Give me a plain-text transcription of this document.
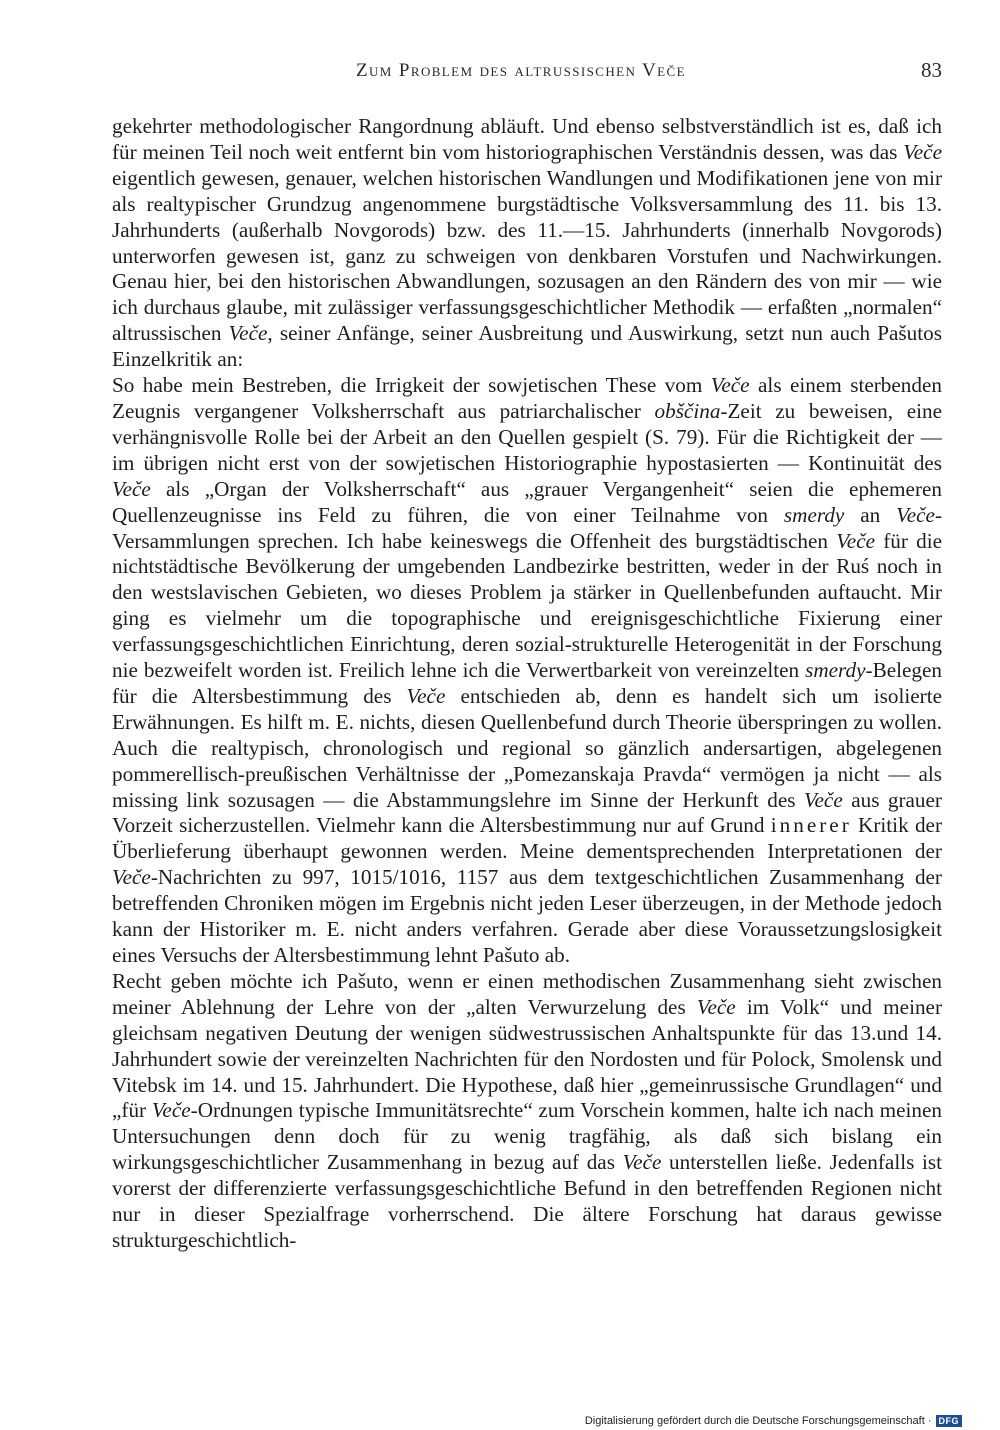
Zum Problem des altrussischen Veče	83

gekehrter methodologischer Rangordnung abläuft. Und ebenso selbstverständlich ist es, daß ich für meinen Teil noch weit entfernt bin vom historiographischen Verständnis dessen, was das Veče eigentlich gewesen, genauer, welchen historischen Wandlungen und Modifikationen jene von mir als realtypischer Grundzug angenommene burgstädtische Volksversammlung des 11. bis 13. Jahrhunderts (außerhalb Novgorods) bzw. des 11.—15. Jahrhunderts (innerhalb Novgorods) unterworfen gewesen ist, ganz zu schweigen von denkbaren Vorstufen und Nachwirkungen. Genau hier, bei den historischen Abwandlungen, sozusagen an den Rändern des von mir — wie ich durchaus glaube, mit zulässiger verfassungsgeschichtlicher Methodik — erfaßten „normalen“ altrussischen Veče, seiner Anfänge, seiner Ausbreitung und Auswirkung, setzt nun auch Pašutos Einzelkritik an:

So habe mein Bestreben, die Irrigkeit der sowjetischen These vom Veče als einem sterbenden Zeugnis vergangener Volksherrschaft aus patriarchalischer obščina-Zeit zu beweisen, eine verhängnisvolle Rolle bei der Arbeit an den Quellen gespielt (S. 79). Für die Richtigkeit der — im übrigen nicht erst von der sowjetischen Historiographie hypostasierten — Kontinuität des Veče als „Organ der Volksherrschaft“ aus „grauer Vergangenheit“ seien die ephemeren Quellenzeugnisse ins Feld zu führen, die von einer Teilnahme von smerdy an Veče-Versammlungen sprechen. Ich habe keineswegs die Offenheit des burgstädtischen Veče für die nichtstädtische Bevölkerung der umgebenden Landbezirke bestritten, weder in der Ruś noch in den westslavischen Gebieten, wo dieses Problem ja stärker in Quellenbefunden auftaucht. Mir ging es vielmehr um die topographische und ereignisgeschichtliche Fixierung einer verfassungsgeschichtlichen Einrichtung, deren sozial-strukturelle Heterogenität in der Forschung nie bezweifelt worden ist. Freilich lehne ich die Verwertbarkeit von vereinzelten smerdy-Belegen für die Altersbestimmung des Veče entschieden ab, denn es handelt sich um isolierte Erwähnungen. Es hilft m. E. nichts, diesen Quellenbefund durch Theorie überspringen zu wollen. Auch die realtypisch, chronologisch und regional so gänzlich andersartigen, abgelegenen pommerellisch-preußischen Verhältnisse der „Pomezanskaja Pravda“ vermögen ja nicht — als missing link sozusagen — die Abstammungslehre im Sinne der Herkunft des Veče aus grauer Vorzeit sicherzustellen. Vielmehr kann die Altersbestimmung nur auf Grund innerer Kritik der Überlieferung überhaupt gewonnen werden. Meine dementsprechenden Interpretationen der Veče-Nachrichten zu 997, 1015/1016, 1157 aus dem textgeschichtlichen Zusammenhang der betreffenden Chroniken mögen im Ergebnis nicht jeden Leser überzeugen, in der Methode jedoch kann der Historiker m. E. nicht anders verfahren. Gerade aber diese Voraussetzungslosigkeit eines Versuchs der Altersbestimmung lehnt Pašuto ab.

Recht geben möchte ich Pašuto, wenn er einen methodischen Zusammenhang sieht zwischen meiner Ablehnung der Lehre von der „alten Verwurzelung des Veče im Volk“ und meiner gleichsam negativen Deutung der wenigen südwestrussischen Anhaltspunkte für das 13.und 14. Jahrhundert sowie der vereinzelten Nachrichten für den Nordosten und für Polock, Smolensk und Vitebsk im 14. und 15. Jahrhundert. Die Hypothese, daß hier „gemeinrussische Grundlagen“ und „für Veče-Ordnungen typische Immunitätsrechte“ zum Vorschein kommen, halte ich nach meinen Untersuchungen denn doch für zu wenig tragfähig, als daß sich bislang ein wirkungsgeschichtlicher Zusammenhang in bezug auf das Veče unterstellen ließe. Jedenfalls ist vorerst der differenzierte verfassungsgeschichtliche Befund in den betreffenden Regionen nicht nur in dieser Spezialfrage vorherrschend. Die ältere Forschung hat daraus gewisse strukturgeschichtlich-

Digitalisierung gefördert durch die Deutsche Forschungsgemeinschaft · DFG
